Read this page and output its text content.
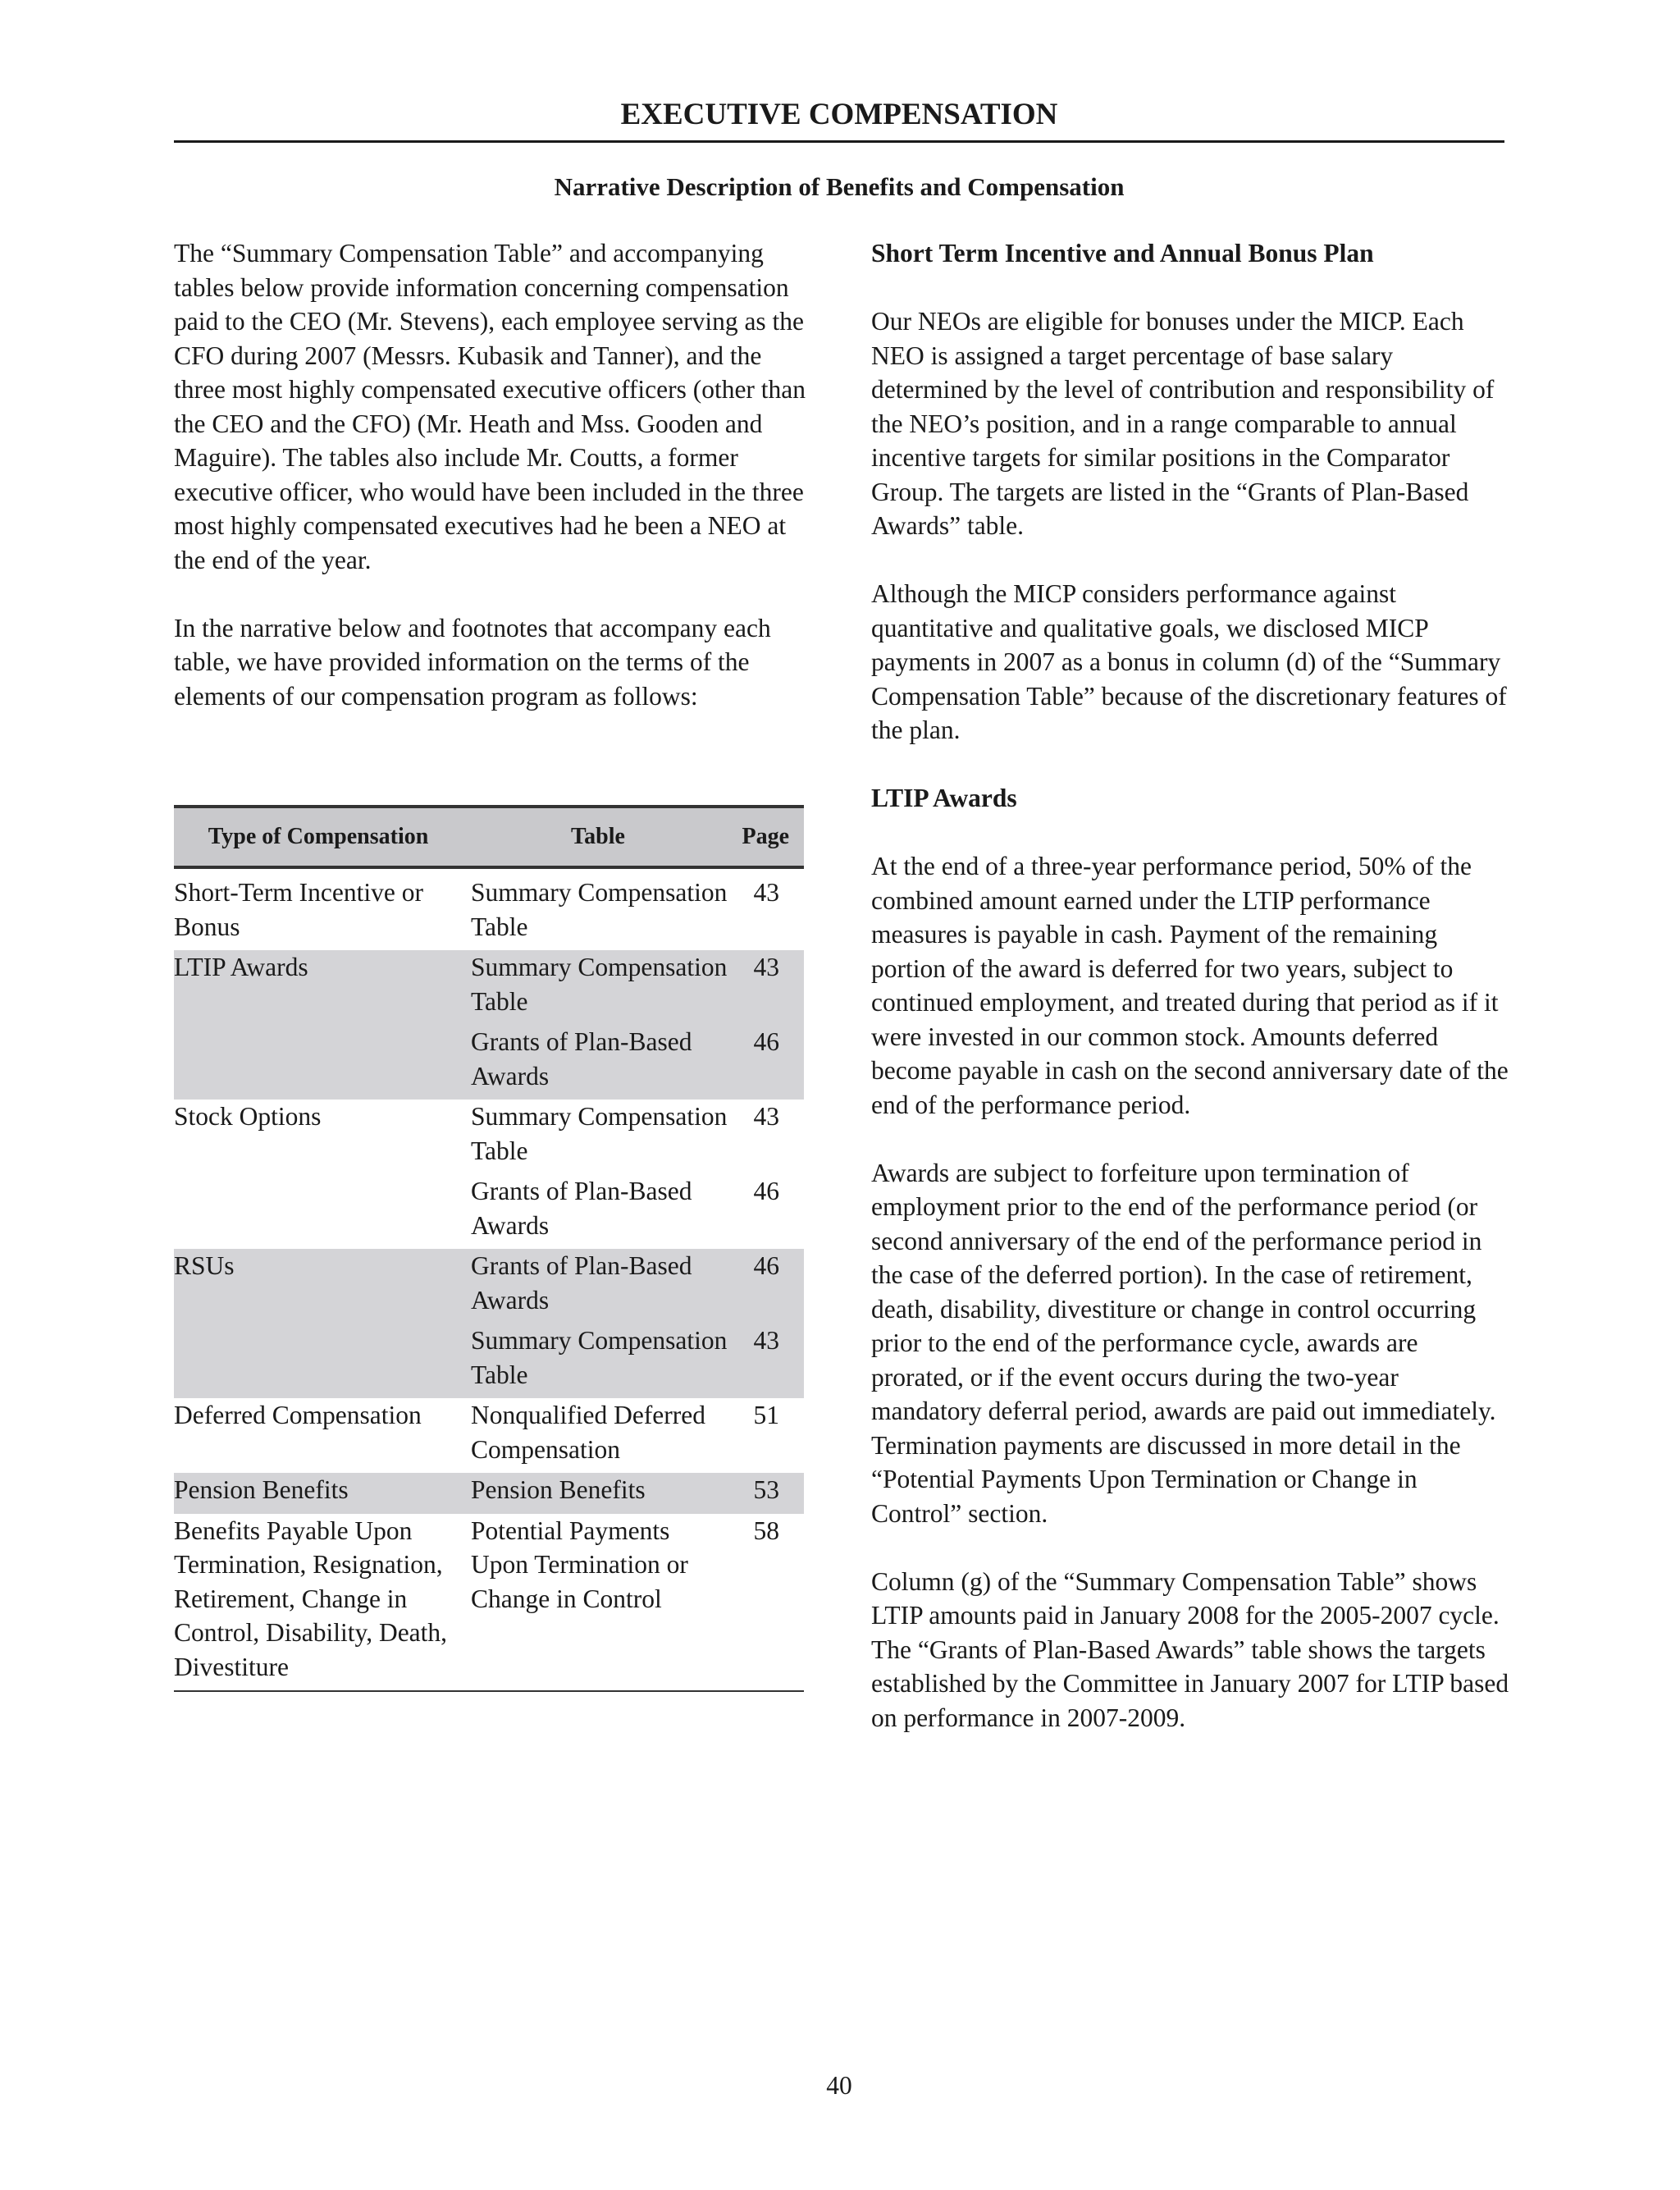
EXECUTIVE COMPENSATION
Narrative Description of Benefits and Compensation

The “Summary Compensation Table” and accompanying tables below provide information concerning compensation paid to the CEO (Mr. Stevens), each employee serving as the CFO during 2007 (Messrs. Kubasik and Tanner), and the three most highly compensated executive officers (other than the CEO and the CFO) (Mr. Heath and Mss. Gooden and Maguire). The tables also include Mr. Coutts, a former executive officer, who would have been included in the three most highly compensated executives had he been a NEO at the end of the year.

In the narrative below and footnotes that accompany each table, we have provided information on the terms of the elements of our compensation program as follows:

Type of Compensation	Table	Page
Short-Term Incentive or Bonus	Summary Compensation Table	43
LTIP Awards	Summary Compensation Table	43
	Grants of Plan-Based Awards	46
Stock Options	Summary Compensation Table	43
	Grants of Plan-Based Awards	46
RSUs	Grants of Plan-Based Awards	46
	Summary Compensation Table	43
Deferred Compensation	Nonqualified Deferred Compensation	51
Pension Benefits	Pension Benefits	53
Benefits Payable Upon Termination, Resignation, Retirement, Change in Control, Disability, Death, Divestiture	Potential Payments Upon Termination or Change in Control	58
Short Term Incentive and Annual Bonus Plan

Our NEOs are eligible for bonuses under the MICP. Each NEO is assigned a target percentage of base salary determined by the level of contribution and responsibility of the NEO’s position, and in a range comparable to annual incentive targets for similar positions in the Comparator Group. The targets are listed in the “Grants of Plan-Based Awards” table.

Although the MICP considers performance against quantitative and qualitative goals, we disclosed MICP payments in 2007 as a bonus in column (d) of the “Summary Compensation Table” because of the discretionary features of the plan.

LTIP Awards

At the end of a three-year performance period, 50% of the combined amount earned under the LTIP performance measures is payable in cash. Payment of the remaining portion of the award is deferred for two years, subject to continued employment, and treated during that period as if it were invested in our common stock. Amounts deferred become payable in cash on the second anniversary date of the end of the performance period.

Awards are subject to forfeiture upon termination of employment prior to the end of the performance period (or second anniversary of the end of the performance period in the case of the deferred portion). In the case of retirement, death, disability, divestiture or change in control occurring prior to the end of the performance cycle, awards are prorated, or if the event occurs during the two-year mandatory deferral period, awards are paid out immediately. Termination payments are discussed in more detail in the “Potential Payments Upon Termination or Change in Control” section.

Column (g) of the “Summary Compensation Table” shows LTIP amounts paid in January 2008 for the 2005-2007 cycle. The “Grants of Plan-Based Awards” table shows the targets established by the Committee in January 2007 for LTIP based on performance in 2007-2009.

40
